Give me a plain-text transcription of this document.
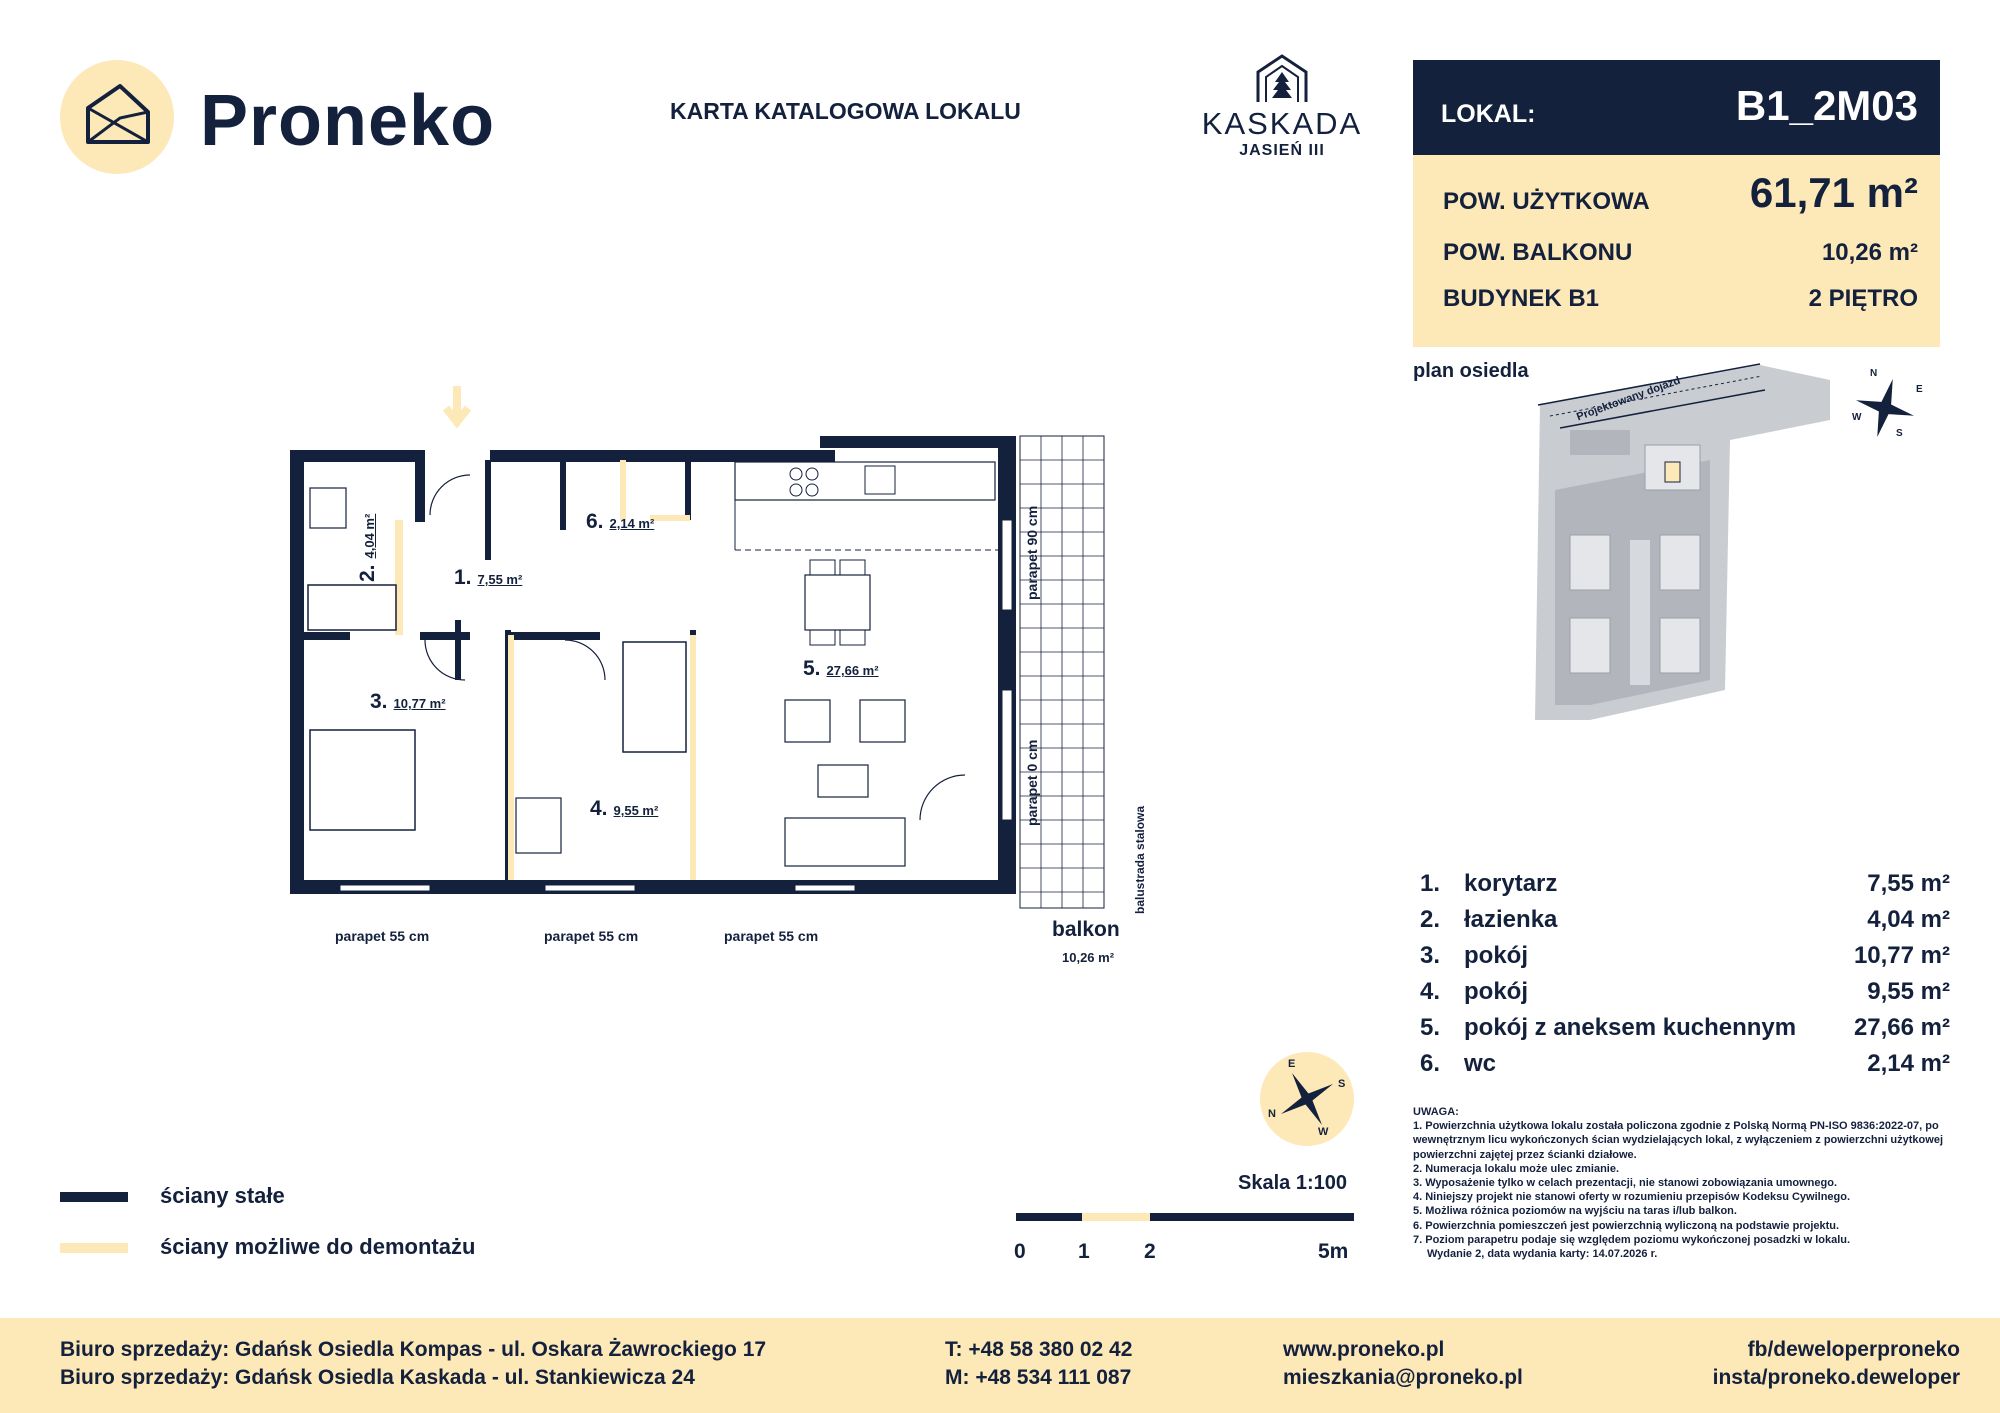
Proneko	KARTA KATALOGOWA LOKALU	KASKADA
JASIEŃ III
LOKAL:	B1_2M03
POW. UŻYTKOWA 61,71 m²
POW. BALKONU	10,26 m²
BUDYNEK B1	2 PIĘTRO
plan osiedla
Projektowany dojazd
N
E
S
W
1. 7,55 m²
2.4,04 m²
3. 10,77 m²
4. 9,55 m²
5. 27,66 m²
6. 2,14 m²
parapet 55 cm	parapet 55 cm	parapet 55 cm
parapet 90 cm
parapet 0 cm
balustrada stalowa
balkon
10,26 m²
E
S
N
W
1. korytarz	7,55 m²
2. łazienka	4,04 m²
3. pokój	10,77 m²
4. pokój	9,55 m²
5. pokój z aneksem kuchennym 27,66 m²
6. wc	2,14 m²
UWAGA:
1. Powierzchnia użytkowa lokalu została policzona zgodnie z Polską Normą PN-ISO 9836:2022-07, po wewnętrznym licu wykończonych ścian wydzielających lokal, z wyłączeniem z powierzchni użytkowej powierzchni zajętej przez ścianki działowe.
2. Numeracja lokalu może ulec zmianie.
3. Wyposażenie tylko w celach prezentacji, nie stanowi zobowiązania umownego.
4. Niniejszy projekt nie stanowi oferty w rozumieniu przepisów Kodeksu Cywilnego.
5. Możliwa różnica poziomów na wyjściu na taras i/lub balkon.
6. Powierzchnia pomieszczeń jest powierzchnią wyliczoną na podstawie projektu.
7. Poziom parapetru podaje się względem poziomu wykończonej posadzki w lokalu.
Wydanie 2, data wydania karty: 14.07.2026 r.
ściany stałe
ściany możliwe do demontażu
Skala 1:100
0 1	2	5m
Biuro sprzedaży: Gdańsk Osiedla Kompas - ul. Oskara Żawrockiego 17
Biuro sprzedaży: Gdańsk Osiedla Kaskada - ul. Stankiewicza 24
T: +48 58 380 02 42
M: +48 534 111 087
www.proneko.pl
mieszkania@proneko.pl
fb/deweloperproneko
insta/proneko.deweloper
